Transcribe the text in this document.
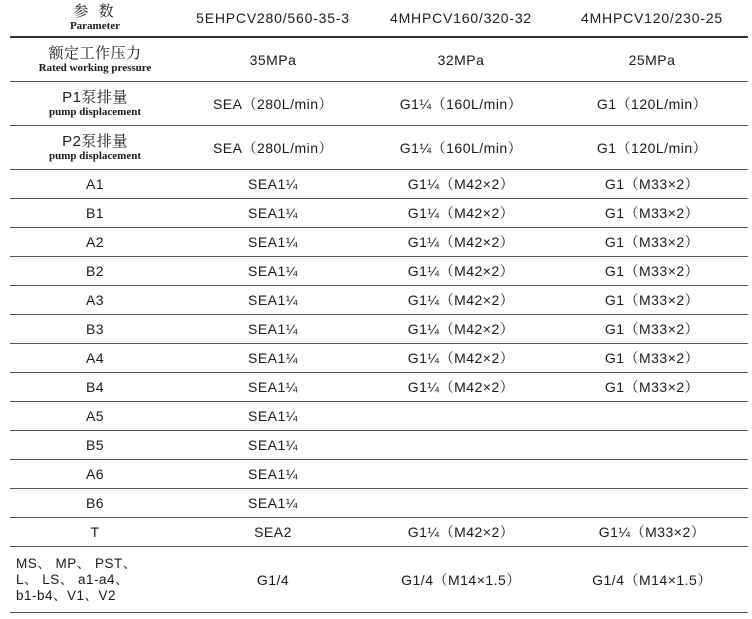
参 数
Parameter	5EHPCV280/560-35-3	4MHPCV160/320-32	4MHPCV120/230-25

额定工作压力
Rated working pressure	35MPa	32MPa	25MPa

P1泵排量
pump displacement	SEA（280L/min）	G1¼（160L/min）	G1（120L/min）

P2泵排量
pump displacement	SEA（280L/min）	G1¼（160L/min）	G1（120L/min）
A1	SEA1¼	G1¼（M42×2）	G1（M33×2）
B1	SEA1¼	G1¼（M42×2）	G1（M33×2）
A2	SEA1¼	G1¼（M42×2）	G1（M33×2）
B2	SEA1¼	G1¼（M42×2）	G1（M33×2）
A3	SEA1¼	G1¼（M42×2）	G1（M33×2）
B3	SEA1¼	G1¼（M42×2）	G1（M33×2）
A4	SEA1¼	G1¼（M42×2）	G1（M33×2）
B4	SEA1¼	G1¼（M42×2）	G1（M33×2）
A5	SEA1¼		
B5	SEA1¼		
A6	SEA1¼		
B6	SEA1¼		
T	SEA2	G1¼（M42×2）	G1¼（M33×2）

MS、 MP、 PST、
L、 LS、 a1-a4、
b1-b4、V1、V2	G1/4	G1/4（M14×1.5）	G1/4（M14×1.5）
